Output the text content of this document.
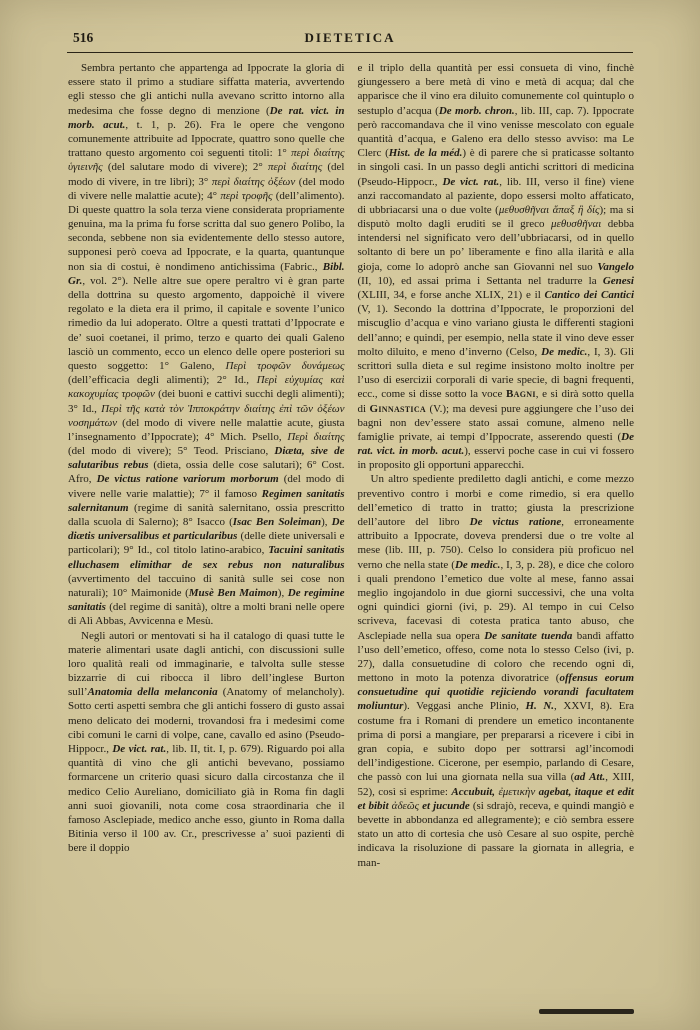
516	DIETETICA

Sembra pertanto che appartenga ad Ippocrate la gloria di essere stato il primo a studiare siffatta materia, avvertendo egli stesso che gli antichi nulla avevano scritto intorno alla medesima che fosse degno di menzione (De rat. vict. in morb. acut., t. 1, p. 26). Fra le opere che vengono comunemente attribuite ad Ippocrate, quattro sono quelle che trattano questo argomento coi seguenti titoli: 1° περὶ διαίτης ὑγιεινῆς (del salutare modo di vivere); 2° περὶ διαίτης (del modo di vivere, in tre libri); 3° περὶ διαίτης ὀξέων (del modo di vivere nelle malattie acute); 4° περὶ τροφῆς (dell’alimento). Di queste quattro la sola terza viene considerata propriamente genuina, ma la prima fu forse scritta dal suo genero Polibo, la seconda, sebbene non sia evidentemente dello stesso autore, supponesi però coeva ad Ippocrate, e la quarta, quantunque non sia di costui, è nondimeno antichissima (Fabric., Bibl. Gr., vol. 2°). Nelle altre sue opere peraltro vi è gran parte della dottrina su questo argomento, dappoichè il vivere regolato e la dieta era il primo, il capitale e sovente l’unico rimedio da lui adoperato. Oltre a questi trattati d’Ippocrate e de’ suoi coetanei, il primo, terzo e quarto dei quali Galeno lasciò un commento, ecco un elenco delle opere posteriori su questo soggetto: 1° Galeno, Περὶ τροφῶν δυνάμεως (dell’efficacia degli alimenti); 2° Id., Περὶ εὐχυμίας καὶ κακοχυμίας τροφῶν (dei buoni e cattivi succhi degli alimenti); 3° Id., Περὶ τῆς κατὰ τὸν Ἱπποκράτην διαίτης ἐπὶ τῶν ὀξέων νοσημάτων (del modo di vivere nelle malattie acute, giusta l’insegnamento d’Ippocrate); 4° Mich. Psello, Περὶ διαίτης (del modo di vivere); 5° Teod. Prisciano, Diæta, sive de salutaribus rebus (dieta, ossia delle cose salutari); 6° Cost. Afro, De victus ratione variorum morborum (del modo di vivere nelle varie malattie); 7° il famoso Regimen sanitatis salernitanum (regime di sanità salernitano, ossia prescritto dalla scuola di Salerno); 8° Isacco (Isac Ben Soleiman), De diætis universalibus et particularibus (delle diete universali e particolari); 9° Id., col titolo latino-arabico, Tacuini sanitatis elluchasem elimithar de sex rebus non naturalibus (avvertimento del taccuino di sanità sulle sei cose non naturali); 10° Maimonide (Musè Ben Maimon), De regimine sanitatis (del regime di sanità), oltre a molti brani nelle opere di Alì Abbas, Avvicenna e Mesù.

Negli autori or mentovati si ha il catalogo di quasi tutte le materie alimentari usate dagli antichi, con discussioni sulle loro qualità reali od immaginarie, e talvolta sulle stesse bizzarrie di cui ribocca il libro dell’inglese Burton sull’Anatomia della melanconia (Anatomy of melancholy). Sotto certi aspetti sembra che gli antichi fossero di gusto assai meno delicato dei moderni, trovandosi fra i medesimi come cibi comuni le carni di volpe, cane, cavallo ed asino (Pseudo-Hippocr., De vict. rat., lib. II, tit. I, p. 679). Riguardo poi alla quantità di vino che gli antichi bevevano, possiamo formarcene un criterio quasi sicuro dalla circostanza che il medico Celio Aureliano, domiciliato già in Roma fin dagli anni suoi giovanili, nota come cosa straordinaria che il famoso Asclepiade, medico anche esso, giunto in Roma dalla Bitinia verso il 100 av. Cr., prescrivesse a’ suoi pazienti di bere il doppio

e il triplo della quantità per essi consueta di vino, finchè giungessero a bere metà di vino e metà di acqua; dal che apparisce che il vino era diluito comunemente col quintuplo o sestuplo d’acqua (De morb. chron., lib. III, cap. 7). Ippocrate però raccomandava che il vino venisse mescolato con eguale quantità d’acqua, e Galeno era dello stesso avviso: ma Le Clerc (Hist. de la méd.) è di parere che si praticasse soltanto in singoli casi. In un passo degli antichi scrittori di medicina (Pseudo-Hippocr., De vict. rat., lib. III, verso il fine) viene anzi raccomandato al paziente, dopo essersi molto affaticato, di ubbriacarsi una o due volte (μεθυσθῆναι ἅπαξ ἢ δίς); ma si disputò molto dagli eruditi se il greco μεθυσθῆναι debba intendersi nel significato vero dell’ubbriacarsi, od in quello soltanto di bere un po’ liberamente e fino alla ilarità e alla gioja, come lo adoprò anche san Giovanni nel suo Vangelo (II, 10), ed assai prima i Settanta nel tradurre la Genesi (XLIII, 34, e forse anche XLIX, 21) e il Cantico dei Cantici (V, 1). Secondo la dottrina d’Ippocrate, le proporzioni del miscuglio d’acqua e vino variano giusta le differenti stagioni dell’anno; e quindi, per esempio, nella state il vino deve esser molto diluito, e meno d’inverno (Celso, De medic., I, 3). Gli scrittori sulla dieta e sul regime insistono molto inoltre per l’uso di esercizii corporali di varie specie, di bagni frequenti, ecc., come si disse sotto la voce Bagni, e si dirà sotto quella di Ginnastica (V.); ma devesi pure aggiungere che l’uso dei bagni non dev’essere stato assai comune, almeno nelle famiglie private, ai tempi d’Ippocrate, asserendo questi (De rat. vict. in morb. acut.), esservi poche case in cui vi fossero in proposito gli opportuni apparecchi.

Un altro spediente prediletto dagli antichi, e come mezzo preventivo contro i morbi e come rimedio, si era quello dell’emetico di tratto in tratto; giusta la prescrizione dell’autore del libro De victus ratione, erroneamente attribuito a Ippocrate, doveva prendersi due o tre volte al mese (lib. III, p. 750). Celso lo considera più proficuo nel verno che nella state (De medic., I, 3, p. 28), e dice che coloro i quali prendono l’emetico due volte al mese, fanno assai meglio ingojandolo in due giorni successivi, che una volta ogni quindici giorni (ivi, p. 29). Al tempo in cui Celso scriveva, facevasi di cotesta pratica tanto abuso, che Asclepiade nella sua opera De sanitate tuenda bandì affatto l’uso dell’emetico, offeso, come nota lo stesso Celso (ivi, p. 27), dalla consuetudine di coloro che recendo ogni dì, mettono in moto la potenza divoratrice (offensus eorum consuetudine qui quotidie rejiciendo vorandi facultatem moliuntur). Veggasi anche Plinio, H. N., XXVI, 8). Era costume fra i Romani di prendere un emetico incontanente prima di porsi a mangiare, per prepararsi a ricevere i cibi in gran copia, e subito dopo per sottrarsi agl’incomodi dell’indigestione. Cicerone, per esempio, parlando di Cesare, che passò con lui una giornata nella sua villa (ad Att., XIII, 52), così si esprime: Accubuit, ἐμετικὴν agebat, itaque et edit et bibit ἀδεῶς et jucunde (si sdrajò, receva, e quindi mangiò e bevette in abbondanza ed allegramente); e ciò sembra essere stato un atto di cortesia che usò Cesare al suo ospite, perchè indicava la risoluzione di passare la giornata in allegria, e man-
